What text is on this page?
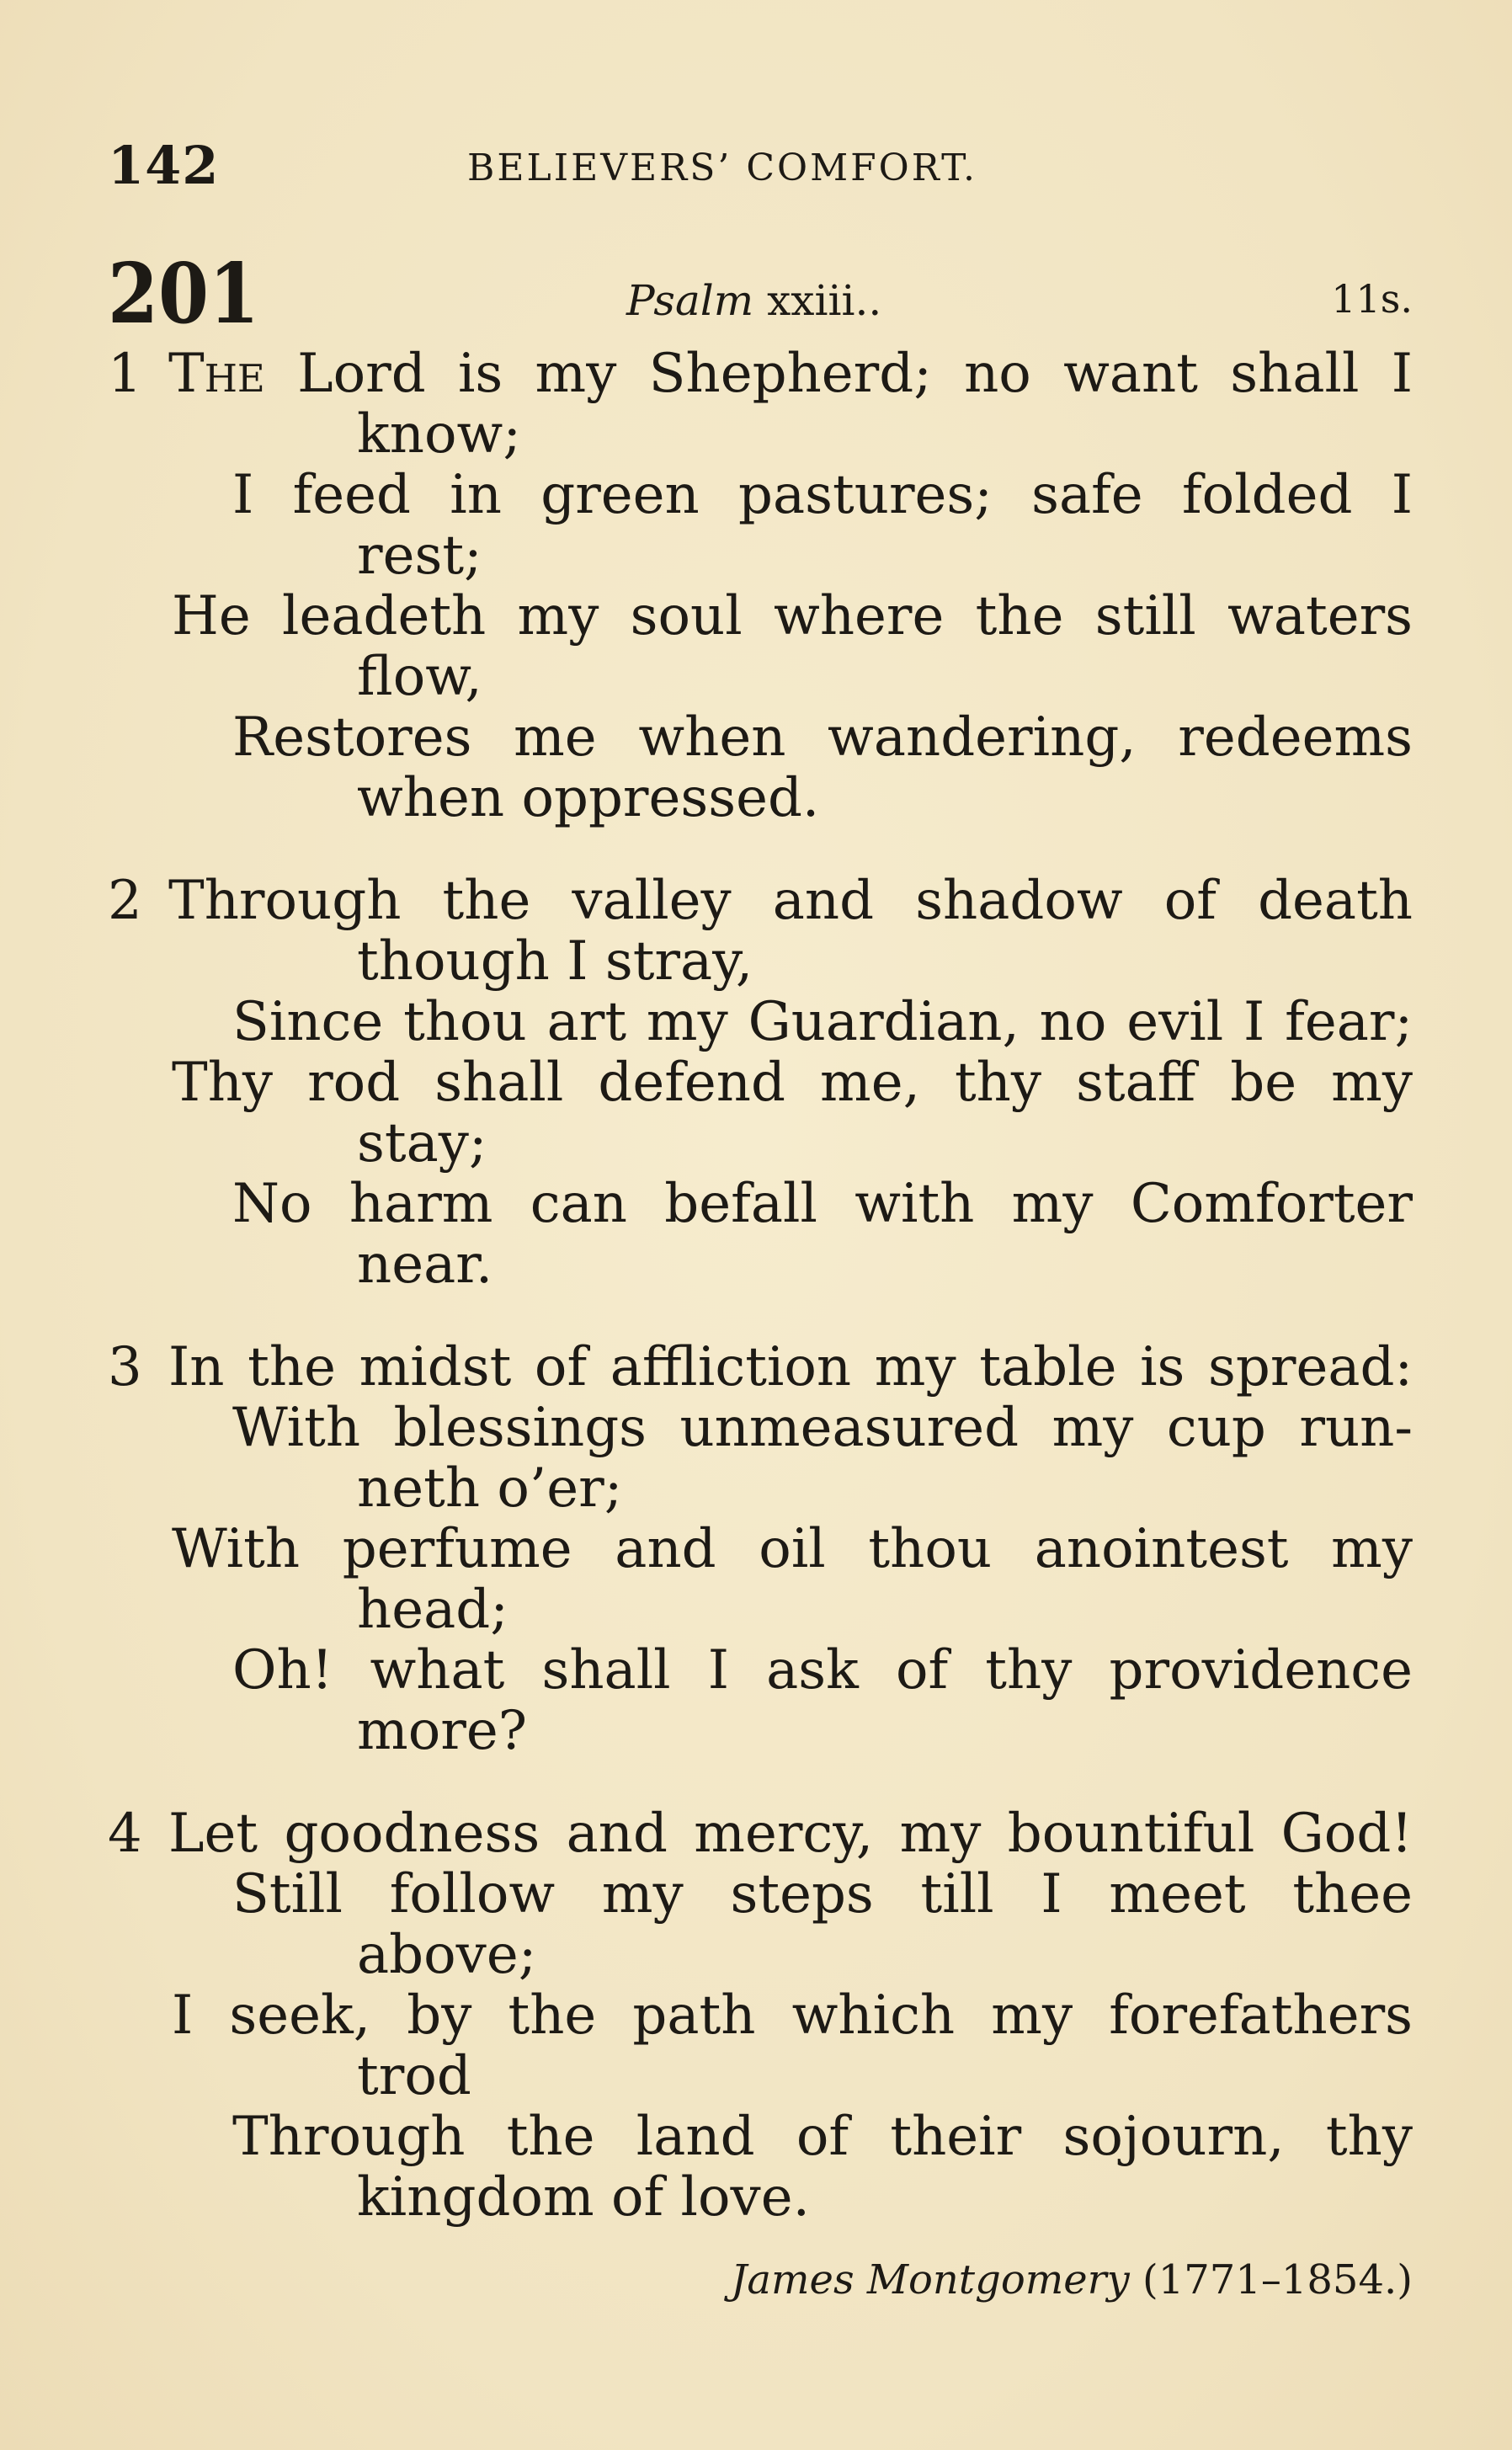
142	BELIEVERS’ COMFORT.
201	Psalm xxiii..	11s.
1 The Lord is my Shepherd; no want shall I
know;
I feed in green pastures; safe folded I
rest;
He leadeth my soul where the still waters
flow,
Restores me when wandering, redeems
when oppressed.
2 Through the valley and shadow of death
though I stray,
Since thou art my Guardian, no evil I fear;
Thy rod shall defend me, thy staff be my
stay;
No harm can befall with my Comforter
near.
3 In the midst of affliction my table is spread:
With blessings unmeasured my cup run-
neth o’er;
With perfume and oil thou anointest my
head;
Oh! what shall I ask of thy providence
more?
4 Let goodness and mercy, my bountiful God!
Still follow my steps till I meet thee
above;
I seek, by the path which my forefathers
trod
Through the land of their sojourn, thy
kingdom of love.
James Montgomery (1771–1854.)
